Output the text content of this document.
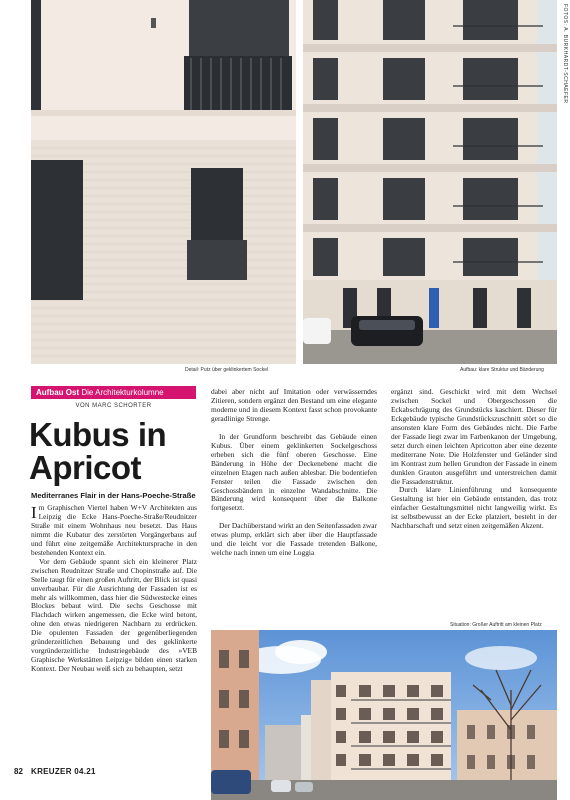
Detail: Putz über geklinkertem Sockel	Aufbau: klare Struktur und Bänderung
FOTOS: A. BURKHARDT-SCHAEFER
Aufbau Ost Die Architekturkolumne
VON MARC SCHORTER
Kubus in Apricot
Mediterranes Flair in der Hans-Poeche-Straße

Im Graphischen Viertel haben W+V Architekten aus Leipzig die Ecke Hans-Poeche-Straße/Reudnitzer Straße mit einem Wohnhaus neu besetzt. Das Haus nimmt die Kubatur des zerstörten Vorgängerbaus auf und führt eine zeitgemäße Architektursprache in den bestehenden Kontext ein.

Vor dem Gebäude spannt sich ein kleinerer Platz zwischen Reudnitzer Straße und Chopinstraße auf. Die Stelle taugt für einen großen Auftritt, der Blick ist quasi unverbaubar. Für die Ausrichtung der Fassaden ist es mehr als willkommen, dass hier die Südwestecke eines Blockes bebaut wird. Die sechs Geschosse mit Flachdach wirken angemessen, die Ecke wird betont, ohne den etwas niedrigeren Nachbarn zu erdrücken. Die opulenten Fassaden der gegenüberliegenden gründerzeitlichen Bebauung und des geklinkerte vorgründerzeitliche Industriegebäude des »VEB Graphische Werkstätten Leipzig« bilden einen starken Kontext. Der Neubau weiß sich zu behaupten, setzt

dabei aber nicht auf Imitation oder verwässerndes Zitieren, sondern ergänzt den Bestand um eine elegante moderne und in diesem Kontext fasst schon provokante geradlinige Strenge.

In der Grundform beschreibt das Gebäude einen Kubus. Über einem geklinkerten Sockelgeschoss erheben sich die fünf oberen Geschosse. Eine Bänderung in Höhe der Deckenebene macht die einzelnen Etagen nach außen ablesbar. Die bodentiefen Fenster teilen die Fassade zwischen den Geschossbändern in einzelne Wandabschnitte. Die Bänderung wird konsequent über die Balkone fortgesetzt.

Der Dachüberstand wirkt an den Seitenfassaden zwar etwas plump, erklärt sich aber über die Hauptfassade und die leicht vor die Fassade tretenden Balkone, welche nach innen um eine Loggia

ergänzt sind. Geschickt wird mit dem Wechsel zwischen Sockel und Obergeschossen die Eckabschrägung des Grundstücks kaschiert. Dieser für Eckgebäude typische Grundstückszuschnitt stört so die ansonsten klare Form des Gebäudes nicht. Die Farbe der Fassade liegt zwar im Farbenkanon der Umgebung, setzt durch einen leichten Apricotton aber eine dezente mediterrane Note. Die Holzfenster und Geländer sind im Kontrast zum hellen Grundton der Fassade in einem dunklen Grauton ausgeführt und unterstreichen damit die Fassadenstruktur.

Durch klare Linienführung und konsequente Gestaltung ist hier ein Gebäude entstanden, das trotz einfacher Gestaltungsmittel nicht langweilig wirkt. Es ist selbstbewusst an der Ecke platziert, besteht in der Nachbarschaft und setzt einen zeitgemäßen Akzent.

Situation: Großer Auftritt am kleinen Platz
82 KREUZER 04.21
